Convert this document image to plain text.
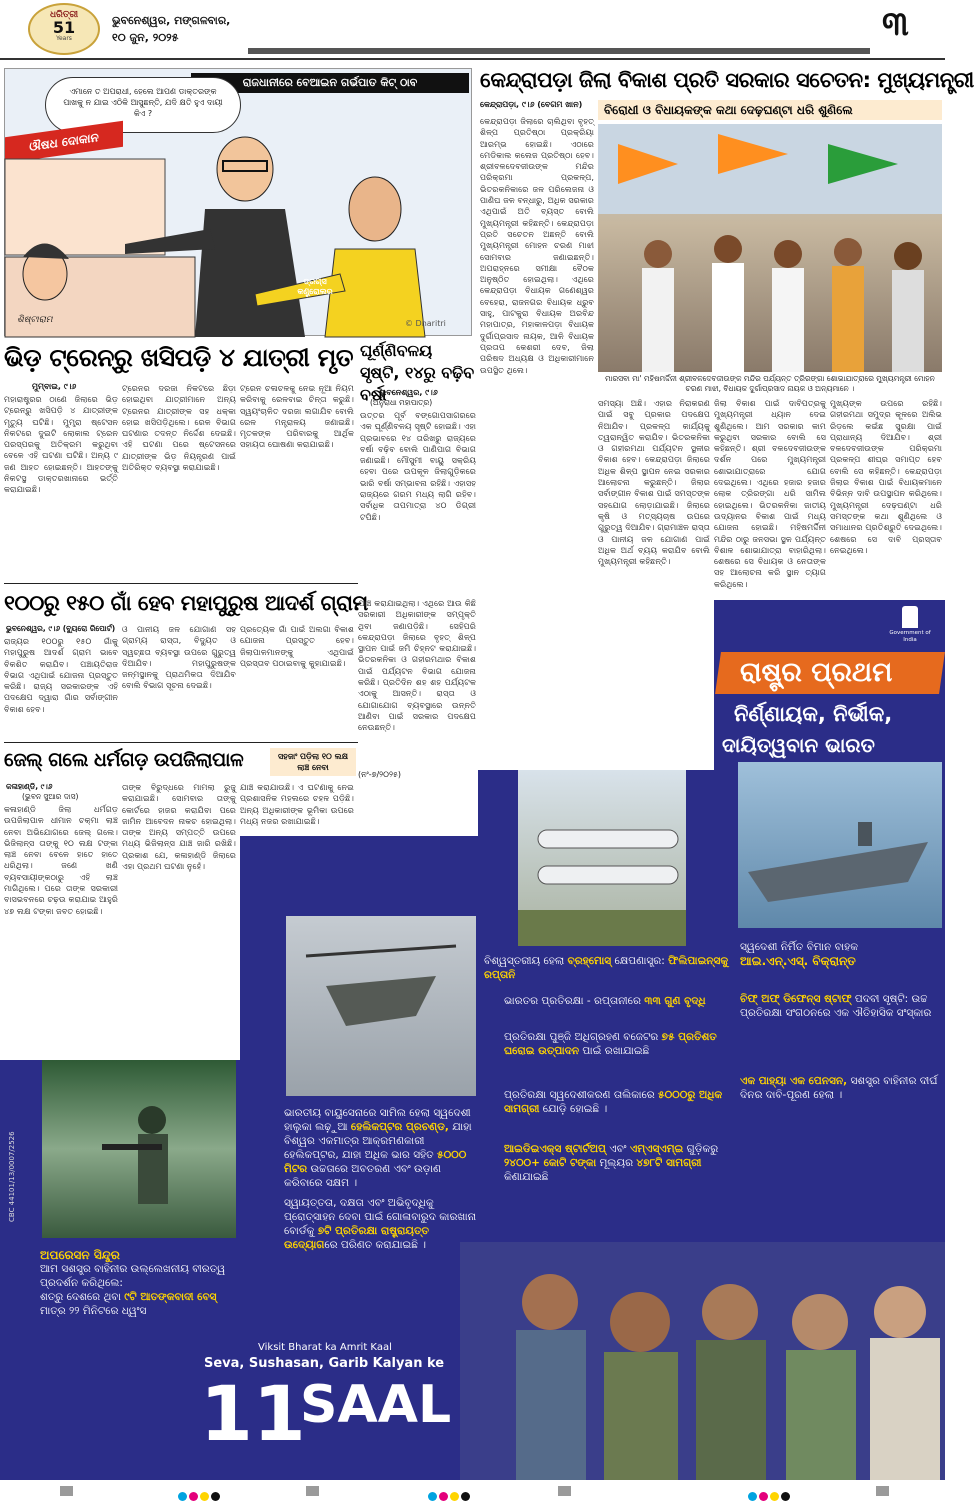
ଧରିତ୍ରୀ
51
Years
ଭୁବନେଶ୍ୱର, ମଙ୍ଗଳବାର,
୧୦ ଜୁନ, ୨୦୨୫	୩
ରାଜଧାନୀରେ ବେଆଇନ ଗର୍ଭପାତ କିଟ୍ ଠାବ
ଏମାନେ ତ ଅପରାଧୀ, ହେଲେ ଆପଣ ଡାକ୍ତରଙ୍କ ପାଖକୁ ନ ଯାଇ ଏଠିକି ଆସୁଛନ୍ତି, ଯଦି କ୍ଷତି ହୁଏ ଦାୟୀ କିଏ ?
ଔଷଧ ଦୋକାନ
ଡ୍ରଗ୍ସ କଣ୍ଟ୍ରୋଲର
ଶିଷ୍ଟାରାମ	© Dharitri
କେନ୍ଦ୍ରାପଡ଼ା ଜିଲା ବିକାଶ ପ୍ରତି ସରକାର ସଚେତନ: ମୁଖ୍ୟମନ୍ତ୍ରୀ
କେନ୍ଦ୍ରାପଡ଼ା, ୯।୬ (ବେଗମ ଖାନ)	ବିରୋଧୀ ଓ ବିଧାୟକଙ୍କ କଥା ଦେଢ଼ଘଣ୍ଟା ଧରି ଶୁଣିଲେ
ମାରସବା ମା' ମହିଷମର୍ଦ୍ଦିନୀ ଶ୍ରୀବଳଦେବଜୀଉଙ୍କ ମନ୍ଦିର ପର୍ଯ୍ୟନ୍ତ ତ୍ରିରଙ୍ଗା ଶୋଭାଯାତ୍ରାରେ ମୁଖ୍ୟମନ୍ତ୍ରୀ ମୋହନ ଚରଣ ମାଝୀ, ବିଧାୟକ ଦୁର୍ଗାପ୍ରସାଦ ନାୟକ ଓ ଅନ୍ୟମାନେ ।
କେନ୍ଦ୍ରାପଡ଼ା ଜିଲାରେ ଚାଲିଥିବା ବୃହତ୍ ଶିଳ୍ପ ପ୍ରତିଷ୍ଠା ପ୍ରକ୍ରିୟା ଆରମ୍ଭ ହୋଇଛି। ଏଠାରେ ମେଡିକାଲ କଲେଜ ପ୍ରତିଷ୍ଠା ହେବ। ଶ୍ରୀବଳଦେବଜୀଉଙ୍କ ମନ୍ଦିର ପରିକ୍ରମା ପ୍ରକଳ୍ପ, ଭିତରକନିକାରେ ଜଳ ପରିଲେଜନା ଓ ପାଣିଘ ଜଳ ବନ୍ଧାରୁ, ଅଧିକ ସରକାର ଏଥିପାଇଁ ଅତି ବ୍ୟସ୍ତ ବୋଲି ମୁଖ୍ୟମନ୍ତ୍ରୀ କହିଛନ୍ତି। କେନ୍ଦ୍ରାପଡ଼ା ପ୍ରତି ସଚେତନ ଅଛନ୍ତି ବୋଲି ମୁଖ୍ୟମନ୍ତ୍ରୀ ମୋହନ ଚରଣ ମାଝୀ ସୋମବାର ଜଣାଇଛନ୍ତି। ଅପରାହ୍ନରେ ସମୀକ୍ଷା ବୈଠକ ଅନୁଷ୍ଠିତ ହୋଇଥିଲା। ଏଥିରେ କେନ୍ଦ୍ରାପଡ଼ା ବିଧାୟକ ଗଣେଶ୍ୱର ବେହେରା, ରାଜନଗର ବିଧାୟକ ଧ୍ରୁବ ସାହୁ, ପାଟକୁରା ବିଧାୟକ ଅରବିନ୍ଦ ମହାପାତ୍ର, ମହାକାଳପଡ଼ା ବିଧାୟକ ଦୁର୍ଗାପ୍ରସାଦ ନାୟକ, ଆଳି ବିଧାୟକ ପ୍ରତାପ କେଶରୀ ଦେବ, ଜିଲା ପରିଷଦ ଅଧ୍ୟକ୍ଷ ଓ ଅଧିକାରୀମାନେ ଉପସ୍ଥିତ ଥିଲେ।
ସମସ୍ୟା ଅଛି। ଏହାର ନିରାକରଣ ପାଇଁ ସବୁ ପ୍ରକାର ପଦକ୍ଷେପ ନିଆଯିବ। ପ୍ରକଳ୍ପ କାର୍ଯ୍ୟକୁ ତ୍ୱରାନ୍ୱିତ କରାଯିବ। ଭିତରକନିକା ଓ ଗହୀରମଥା ପର୍ଯ୍ୟଟନ ସ୍ଥଳୀର ବିକାଶ ହେବ। କେନ୍ଦ୍ରାପଡ଼ା ଜିଲାରେ ଅଧିକ ଶିଳ୍ପ ସ୍ଥାପନ ନେଇ ସରକାର ଆଲୋଚନା କରୁଛନ୍ତି। ଜିଲାର ସର୍ବାଙ୍ଗୀନ ବିକାଶ ପାଇଁ ସମସ୍ତଙ୍କ ସହଯୋଗ ଲୋଡ଼ାଯାଇଛି। ଜିଲାରେ କୃଷି ଓ ମତ୍ସ୍ୟଚାଷ ଉପରେ ଗୁରୁତ୍ୱ ଦିଆଯିବ। ଗ୍ରାମାଞ୍ଚଳ ରାସ୍ତା ଓ ପାନୀୟ ଜଳ ଯୋଗାଣ ପାଇଁ ଅଧିକ ଅର୍ଥ ବ୍ୟୟ କରାଯିବ ବୋଲି ମୁଖ୍ୟମନ୍ତ୍ରୀ କହିଛନ୍ତି।
ଜିଲା ବିକାଶ ପାଇଁ ଦାବିପତ୍ରକୁ ମୁଖ୍ୟମନ୍ତ୍ରୀ ଧ୍ୟାନ ଦେଇ ଶୁଣିଥିଲେ। ଆମ ସରକାର କାମ କରୁଥିବା ସରକାର ବୋଲି ସେ କହିଛନ୍ତି। ଶ୍ରୀ ବଳଦେବଜୀଉଙ୍କ ଦର୍ଶନ ପରେ ମୁଖ୍ୟମନ୍ତ୍ରୀ ଶୋଭାଯାତ୍ରାରେ ଯୋଗ ଦେଇଥିଲେ। ଏଥିରେ ହଜାର ହଜାର ଲୋକ ତ୍ରିରଙ୍ଗା ଧରି ସାମିଲ ହୋଇଥିଲେ। ଭିତରକନିକା ଜାତୀୟ ଉଦ୍ୟାନର ବିକାଶ ପାଇଁ ମଧ୍ୟ ଯୋଜନା ହୋଇଛି। ମହିଷମର୍ଦ୍ଦିନୀ ମନ୍ଦିର ଠାରୁ ଜନସଭା ସ୍ଥଳ ପର୍ଯ୍ୟନ୍ତ ବିଶାଳ ଶୋଭାଯାତ୍ରା ବାହାରିଥିଲା। ଶେଷରେ ସେ ବିଧାୟକ ଓ ନେତାଙ୍କ ସହ ଆଲୋଚନା କରି ସ୍ଥାନ ତ୍ୟାଗ କରିଥିଲେ।
ମୁଖ୍ୟଙ୍କ ଉପରେ ରହିଛି। ଗହୀରମଥା ସମୁଦ୍ର କୂଳରେ ଅଲିଭ ରିଡ଼ଲେ କଇଁଛ ସୁରକ୍ଷା ପାଇଁ ପ୍ରାଧାନ୍ୟ ଦିଆଯିବ। ଶ୍ରୀ ବଳଦେବଜୀଉଙ୍କ ପରିକ୍ରମା ପ୍ରକଳ୍ପ ଶୀଘ୍ର ସମାପ୍ତ ହେବ ବୋଲି ସେ କହିଛନ୍ତି। କେନ୍ଦ୍ରାପଡ଼ା ଜିଲାର ବିକାଶ ପାଇଁ ବିଧାୟକମାନେ ବିଭିନ୍ନ ଦାବି ଉପସ୍ଥାପନ କରିଥିଲେ। ମୁଖ୍ୟମନ୍ତ୍ରୀ ଦେଢ଼ଘଣ୍ଟା ଧରି ସମସ୍ତଙ୍କ କଥା ଶୁଣିଥିଲେ ଓ ସମାଧାନର ପ୍ରତିଶ୍ରୁତି ଦେଇଥିଲେ। ଶେଷରେ ସେ ଦାବି ପ୍ରସ୍ତାବ ନେଇଥିଲେ।
ଭିଡ଼ ଟ୍ରେନ୍‌ରୁ ଖସିପଡ଼ି ୪ ଯାତ୍ରୀ ମୃତ
ମୁମ୍ବାଇ, ୯।୬
ମହାରାଷ୍ଟ୍ରର ଠାଣେ ଜିଲାରେ ଭିଡ଼ ଟ୍ରେନ୍‌ରୁ ଖସିପଡ଼ି ୪ ଯାତ୍ରୀଙ୍କ ମୃତ୍ୟୁ ଘଟିଛି। ମୁମ୍ବ୍ରା ଷ୍ଟେସନ ନିକଟରେ ଦୁଇଟି ଲୋକାଲ ଟ୍ରେନ ପରସ୍ପରକୁ ଅତିକ୍ରମ କରୁଥିବା ବେଳେ ଏହି ଘଟଣା ଘଟିଛି। ଅନ୍ୟ ୯ ଜଣ ଆହତ ହୋଇଛନ୍ତି। ଆହତଙ୍କୁ ନିକଟସ୍ଥ ଡାକ୍ତରଖାନାରେ ଭର୍ତ୍ତି କରାଯାଇଛି।
ଟ୍ରେନର ଦରଜା ନିକଟରେ ଛିଡ଼ା ହୋଇଥିବା ଯାତ୍ରୀମାନେ ଅନ୍ୟ ଟ୍ରେନର ଯାତ୍ରୀଙ୍କ ସହ ଧକ୍କା ହୋଇ ଖସିପଡ଼ିଥିଲେ। ରେଳ ବିଭାଗ ଘଟଣାର ତଦନ୍ତ ନିର୍ଦ୍ଦେଶ ଦେଇଛି। ଏହି ଘଟଣା ପରେ ଷ୍ଟେସନରେ ଯାତ୍ରୀଙ୍କ ଭିଡ଼ ନିୟନ୍ତ୍ରଣ ପାଇଁ ଅତିରିକ୍ତ ବ୍ୟବସ୍ଥା କରାଯାଇଛି।
ଟ୍ରେନ ଚଳାଚଳକୁ ନେଇ ନୂଆ ନିୟମ କରିବାକୁ ରେଳବାଇ ଚିନ୍ତା କରୁଛି। ସ୍ୱୟଂଚାଳିତ ଦରଜା ଲଗାଯିବ ବୋଲି ରେଳ ମନ୍ତ୍ରାଳୟ ଜଣାଇଛି। ମୃତକଙ୍କ ପରିବାରକୁ ଆର୍ଥିକ ସହାୟତା ଘୋଷଣା କରାଯାଇଛି।
ଘୂର୍ଣ୍ଣିବଳୟ ସୃଷ୍ଟି, ୧୪ରୁ ବଢ଼ିବ ବର୍ଷା
ଭୁବନେଶ୍ୱର, ୯।୬
(ଅନୁରାଧା ମହାପାତ୍ର)
ଉତ୍ତର ପୂର୍ବ ବଙ୍ଗୋପସାଗରରେ ଏକ ଘୂର୍ଣ୍ଣିବଳୟ ସୃଷ୍ଟି ହୋଇଛି। ଏହା ପ୍ରଭାବରେ ୧୪ ତାରିଖରୁ ରାଜ୍ୟରେ ବର୍ଷା ବଢ଼ିବ ବୋଲି ପାଣିପାଗ ବିଭାଗ ଜଣାଇଛି। ମୌସୁମୀ ବାୟୁ ସକ୍ରିୟ ହେବା ପରେ ଉପକୂଳ ଜିଲାଗୁଡ଼ିକରେ ଭାରି ବର୍ଷା ସମ୍ଭାବନା ରହିଛି। ଏହାସହ ରାଜ୍ୟରେ ଗରମ ମଧ୍ୟ ଲାଗି ରହିବ। ସର୍ବାଧିକ ତାପମାତ୍ରା ୪୦ ଡିଗ୍ରୀ ଟପିଛି।
୧୦୦ରୁ ୧୫୦ ଗାଁ ହେବ ମହାପୁରୁଷ ଆଦର୍ଶ ଗ୍ରାମ
ଭୁବନେଶ୍ୱର, ୯।୬ (ବ୍ୟୁରୋ ରିପୋର୍ଟ)
ରାଜ୍ୟର ୧୦୦ରୁ ୧୫୦ ଗାଁକୁ ମହାପୁରୁଷ ଆଦର୍ଶ ଗ୍ରାମ ଭାବେ ବିକଶିତ କରାଯିବ। ପଞ୍ଚାୟତିରାଜ ବିଭାଗ ଏଥିପାଇଁ ଯୋଜନା ପ୍ରସ୍ତୁତ କରିଛି। ରାଜ୍ୟ ସରକାରଙ୍କ ଏହି ପଦକ୍ଷେପ ଦ୍ୱାରା ଗାଁର ସର୍ବାଙ୍ଗୀନ ବିକାଶ ହେବ।
ଓ ପାନୀୟ ଜଳ ଯୋଗାଣ ସହ ଗ୍ରାମ୍ୟ ରାସ୍ତା, ବିଦ୍ୟୁତ ଓ ସ୍ୱଚ୍ଛତା ବ୍ୟବସ୍ଥା ଉପରେ ଗୁରୁତ୍ୱ ଦିଆଯିବ। ମହାପୁରୁଷଙ୍କ ଜନ୍ମସ୍ଥାନକୁ ପ୍ରାଥମିକତା ଦିଆଯିବ ବୋଲି ବିଭାଗ ସୂଚନା ଦେଇଛି।
ପ୍ରତ୍ୟେକ ଗାଁ ପାଇଁ ଅଲଗା ବିକାଶ ଯୋଜନା ପ୍ରସ୍ତୁତ ହେବ। ଜିଲାପାଳମାନଙ୍କୁ ଏଥିପାଇଁ ପ୍ରସ୍ତାବ ପଠାଇବାକୁ କୁହାଯାଇଛି।
ଯାଞ୍ଚ କରାଯାଇଥିଲା। ଏଥିରେ ଆଉ କିଛି ସରକାରୀ ଅଧିକାରୀଙ୍କ ସମ୍ପୃକ୍ତି ଥିବା ଜଣାପଡ଼ିଛି। ସେହିପରି କେନ୍ଦ୍ରାପଡ଼ା ଜିଲାରେ ବୃହତ୍ ଶିଳ୍ପ ସ୍ଥାପନ ପାଇଁ ଜମି ଚିହ୍ନଟ କରାଯାଇଛି। ଭିତରକନିକା ଓ ଗହୀରମଥାର ବିକାଶ ପାଇଁ ପର୍ଯ୍ୟଟନ ବିଭାଗ ଯୋଜନା କରିଛି। ପ୍ରତିଦିନ ଶହ ଶହ ପର୍ଯ୍ୟଟକ ଏଠାକୁ ଆସନ୍ତି। ରାସ୍ତା ଓ ଯୋଗାଯୋଗ ବ୍ୟବସ୍ଥାରେ ଉନ୍ନତି ଆଣିବା ପାଇଁ ସରକାର ପଦକ୍ଷେପ ନେଉଛନ୍ତି।
ଜେଲ୍ ଗଲେ ଧର୍ମଗଡ଼ ଉପଜିଲାପାଳ	ସହଜାଂ ପଡ଼ିଲା ୧୦ ଲକ୍ଷ ଲାଞ୍ଚ ନେବା
କଳାହାଣ୍ଡି, ୯।୬
(ଭୁବନ ସୁଆର ଦାସ)
କଳାହାଣ୍ଡି ଜିଲା ଧର୍ମଗଡ଼ ଉପଜିଲାପାଳ ଧୀମାନ ଚକ୍ମା ଲାଞ୍ଚ ନେବା ଅଭିଯୋଗରେ ଜେଲ୍ ଗଲେ। ଭିଜିଲାନ୍ସ ତାଙ୍କୁ ୧୦ ଲକ୍ଷ ଟଙ୍କା ଲାଞ୍ଚ ନେବା ବେଳେ ହାତେ ହାତେ ଧରିଥିଲା। ଜଣେ ଖଣି ବ୍ୟବସାୟୀଙ୍କଠାରୁ ଏହି ଲାଞ୍ଚ ମାଗିଥିଲେ। ପରେ ତାଙ୍କ ସରକାରୀ ବାସଭବନରେ ଚଢ଼ଉ କରାଯାଇ ଆହୁରି ୪୭ ଲକ୍ଷ ଟଙ୍କା ଜବତ ହୋଇଛି।
ତାଙ୍କ ବିରୁଦ୍ଧରେ ମାମଲା ରୁଜୁ କରାଯାଇଛି। ସୋମବାର ତାଙ୍କୁ କୋର୍ଟରେ ହାଜର କରାଯିବା ପରେ ଜାମିନ ଆବେଦନ ନାକଚ ହୋଇଥିଲା। ତାଙ୍କ ଅନ୍ୟ ସମ୍ପତ୍ତି ଉପରେ ମଧ୍ୟ ଭିଜିଲାନ୍ସ ଯାଞ୍ଚ ଜାରି ରଖିଛି। ପ୍ରକାଶ ଯେ, କଳାହାଣ୍ଡି ଜିଲାରେ ଏହା ପ୍ରଥମ ଘଟଣା ନୁହେଁ।
ଯାଞ୍ଚ କରାଯାଉଛି। ଏ ଘଟଣାକୁ ନେଇ ପ୍ରଶାସନିକ ମହଲରେ ଚହଳ ପଡ଼ିଛି। ଅନ୍ୟ ଅଧିକାରୀଙ୍କ ଭୂମିକା ଉପରେ ମଧ୍ୟ ନଜର ରଖାଯାଇଛି।
(ନଂ-୭/୨୦୨୫)
Government of India
ରାଷ୍ଟ୍ର ପ୍ରଥମ
ନିର୍ଣ୍ଣାୟକ, ନିର୍ଭୀକ,
ଦାୟିତ୍ୱବାନ ଭାରତ
CBC 44101/13/0007/2526
ବିଶ୍ୱସ୍ତରୀୟ ହେଲା ବ୍ରହ୍ମୋସ୍ କ୍ଷେପଣାସ୍ତ୍ର: ଫିଲିପାଇନ୍ସକୁ ରପ୍ତାନି
ଭାରତର ପ୍ରତିରକ୍ଷା - ରପ୍ତାନୀରେ ୩୩ ଗୁଣ ବୃଦ୍ଧି
ପ୍ରତିରକ୍ଷା ପୁଞ୍ଜି ଅଧିଗ୍ରହଣ ବଜେଟର ୭୫ ପ୍ରତିଶତ ଘରୋଇ ଉତ୍ପାଦନ ପାଇଁ ରଖାଯାଇଛି
ପ୍ରତିରକ୍ଷା ସ୍ୱଦେଶୀକରଣ ତାଲିକାରେ ୫୦୦୦ରୁ ଅଧିକ ସାମଗ୍ରୀ ଯୋଡ଼ି ହୋଇଛି ।
ଆଇଡିଇଏକ୍ସ ଷ୍ଟାର୍ଟଅପ୍ ଏବଂ ଏମ୍‌ଏସ୍‌ଏମ୍‌ଇ ଗୁଡ଼ିକରୁ ୨୪୦୦+ କୋଟି ଟଙ୍କା ମୂଲ୍ୟର ୪୭୮ଟି ସାମଗ୍ରୀ କିଣାଯାଇଛି
ସ୍ୱଦେଶୀ ନିର୍ମିତ ବିମାନ ବାହକ
ଆଇ.ଏନ୍.ଏସ୍. ବିକ୍ରାନ୍ତ
ଚିଫ୍ ଅଫ୍ ଡିଫେନ୍ସ ଷ୍ଟାଫ୍ ପଦବୀ ସୃଷ୍ଟି: ଉଚ୍ଚ ପ୍ରତିରକ୍ଷା ସଂଗଠନରେ ଏକ ଐତିହାସିକ ସଂସ୍କାର
ଏକ ପାହ୍ୟା ଏକ ପେନସନ, ସଶସ୍ତ୍ର ବାହିନୀର ଦୀର୍ଘ ଦିନର ଦାବି-ପୂରଣ ହେଲା ।
ଭାରତୀୟ ବାୟୁସେନାରେ ସାମିଲ ହେଲା ସ୍ୱଦେଶୀ ହାଲୁକା ଲଢ଼ୁଆ ହେଲିକପ୍ଟର ପ୍ରଚଣ୍ଡ, ଯାହା ବିଶ୍ୱର ଏକମାତ୍ର ଆକ୍ରମଣକାରୀ ହେଲିକପ୍ଟର, ଯାହା ଅଧିକ ଭାର ସହିତ ୫୦୦୦ ମିଟର ଉଚ୍ଚତାରେ ଅବତରଣ ଏବଂ ଉଡ଼ାଣ କରିବାରେ ସକ୍ଷମ ।
ସ୍ୱାୟତ୍ତତା, ଦକ୍ଷତା ଏବଂ ଅଭିବୃଦ୍ଧିକୁ ପ୍ରୋତ୍ସାହନ ଦେବା ପାଇଁ ଗୋଳାବାରୁଦ କାରଖାନା ବୋର୍ଡକୁ ୭ଟି ପ୍ରତିରକ୍ଷା ରାଷ୍ଟ୍ରାୟତ୍ତ ଉଦ୍ୟୋଗରେ ପରିଣତ କରାଯାଇଛି ।
ଅପରେସନ ସିନ୍ଦୁର
ଆମ ସଶସ୍ତ୍ର ବାହିନୀର ଉଲ୍ଲେଖନୀୟ ବୀରତ୍ୱ ପ୍ରଦର୍ଶନ କରିଥିଲେ:
ଶତ୍ରୁ ଦେଶରେ ଥିବା ୯ଟି ଆତଙ୍କବାଦୀ ବେସ୍ ମାତ୍ର ୨୨ ମିନିଟରେ ଧ୍ୱଂସ
Viksit Bharat ka Amrit Kaal
Seva, Sushasan, Garib Kalyan ke
11
SAAL
